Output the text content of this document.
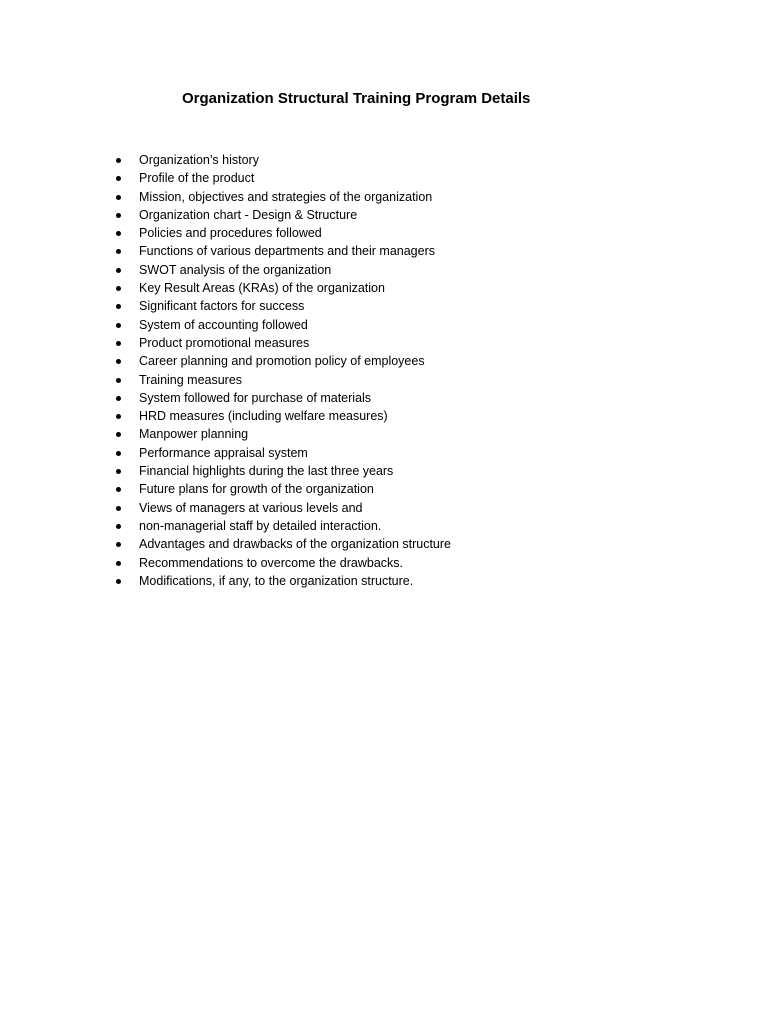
Organization Structural Training Program Details
Organization’s history
Profile of the product
Mission, objectives and strategies of the organization
Organization chart - Design & Structure
Policies and procedures followed
Functions of various departments and their managers
SWOT analysis of the organization
Key Result Areas (KRAs) of the organization
Significant factors for success
System of accounting followed
Product promotional measures
Career planning and promotion policy of employees
Training measures
System followed for purchase of materials
HRD measures (including welfare measures)
Manpower planning
Performance appraisal system
Financial highlights during the last three years
Future plans for growth of the organization
Views of managers at various levels and
non-managerial staff by detailed interaction.
Advantages and drawbacks of the organization structure
Recommendations to overcome the drawbacks.
Modifications, if any, to the organization structure.
